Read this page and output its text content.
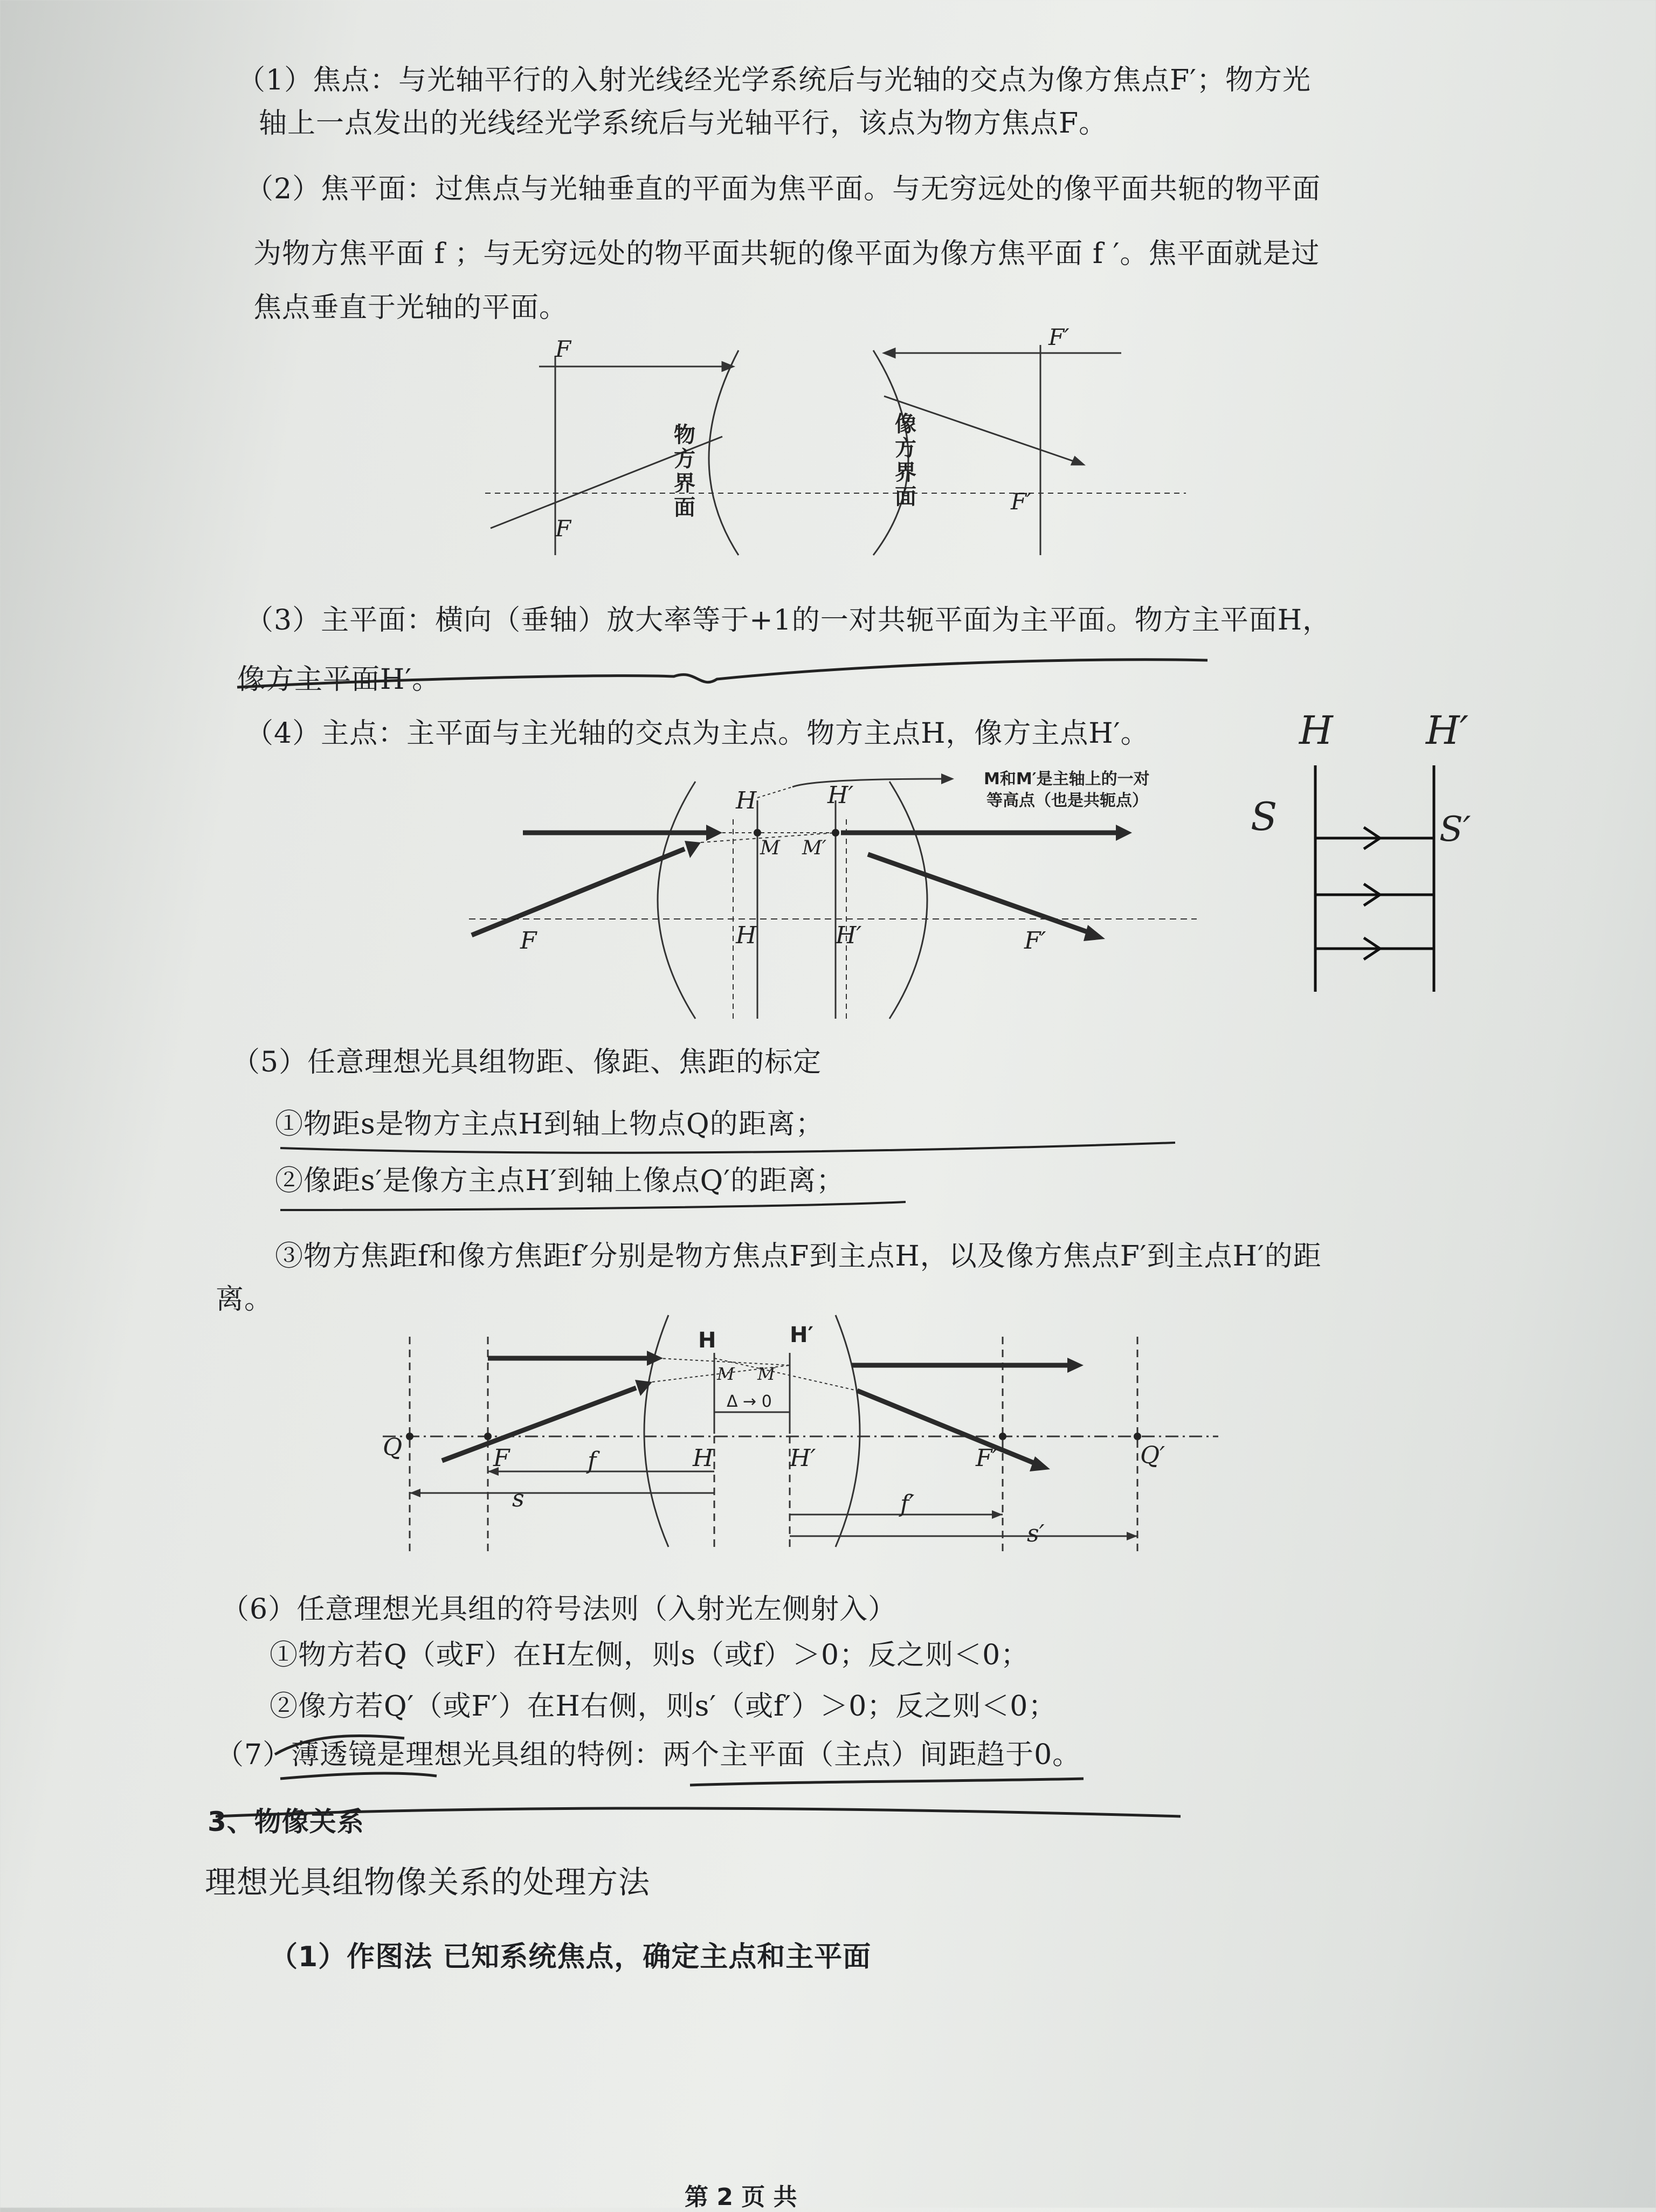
（1）焦点：与光轴平行的入射光线经光学系统后与光轴的交点为像方焦点F′；物方光
轴上一点发出的光线经光学系统后与光轴平行，该点为物方焦点F。
（2）焦平面：过焦点与光轴垂直的平面为焦平面。与无穷远处的像平面共轭的物平面
为物方焦平面 f ；与无穷远处的物平面共轭的像平面为像方焦平面 f ′。焦平面就是过
焦点垂直于光轴的平面。
F
F
F′
F′
物
方
界
面
像
方
界
面
（3）主平面：横向（垂轴）放大率等于+1的一对共轭平面为主平面。物方主平面H，
像方主平面H′。
（4）主点：主平面与主光轴的交点为主点。物方主点H，像方主点H′。	H H′
S	S′
H	H′
M M′
F	F′
H	H′
M和M′是主轴上的一对
等高点（也是共轭点）
（5）任意理想光具组物距、像距、焦距的标定
①物距s是物方主点H到轴上物点Q的距离；
②像距s′是像方主点H′到轴上像点Q′的距离；
③物方焦距f和像方焦距f′分别是物方焦点F到主点H，以及像方焦点F′到主点H′的距
离。
H	H′
M M
Δ → 0
Q	F	H	H′	F′	Q′
f
s	f′
s′
（6）任意理想光具组的符号法则（入射光左侧射入）
①物方若Q（或F）在H左侧，则s（或f）＞0；反之则＜0；
②像方若Q′（或F′）在H右侧，则s′（或f′）＞0；反之则＜0；
（7）薄透镜是理想光具组的特例：两个主平面（主点）间距趋于0。
3、物像关系
理想光具组物像关系的处理方法
（1）作图法 已知系统焦点，确定主点和主平面
第 2 页 共
